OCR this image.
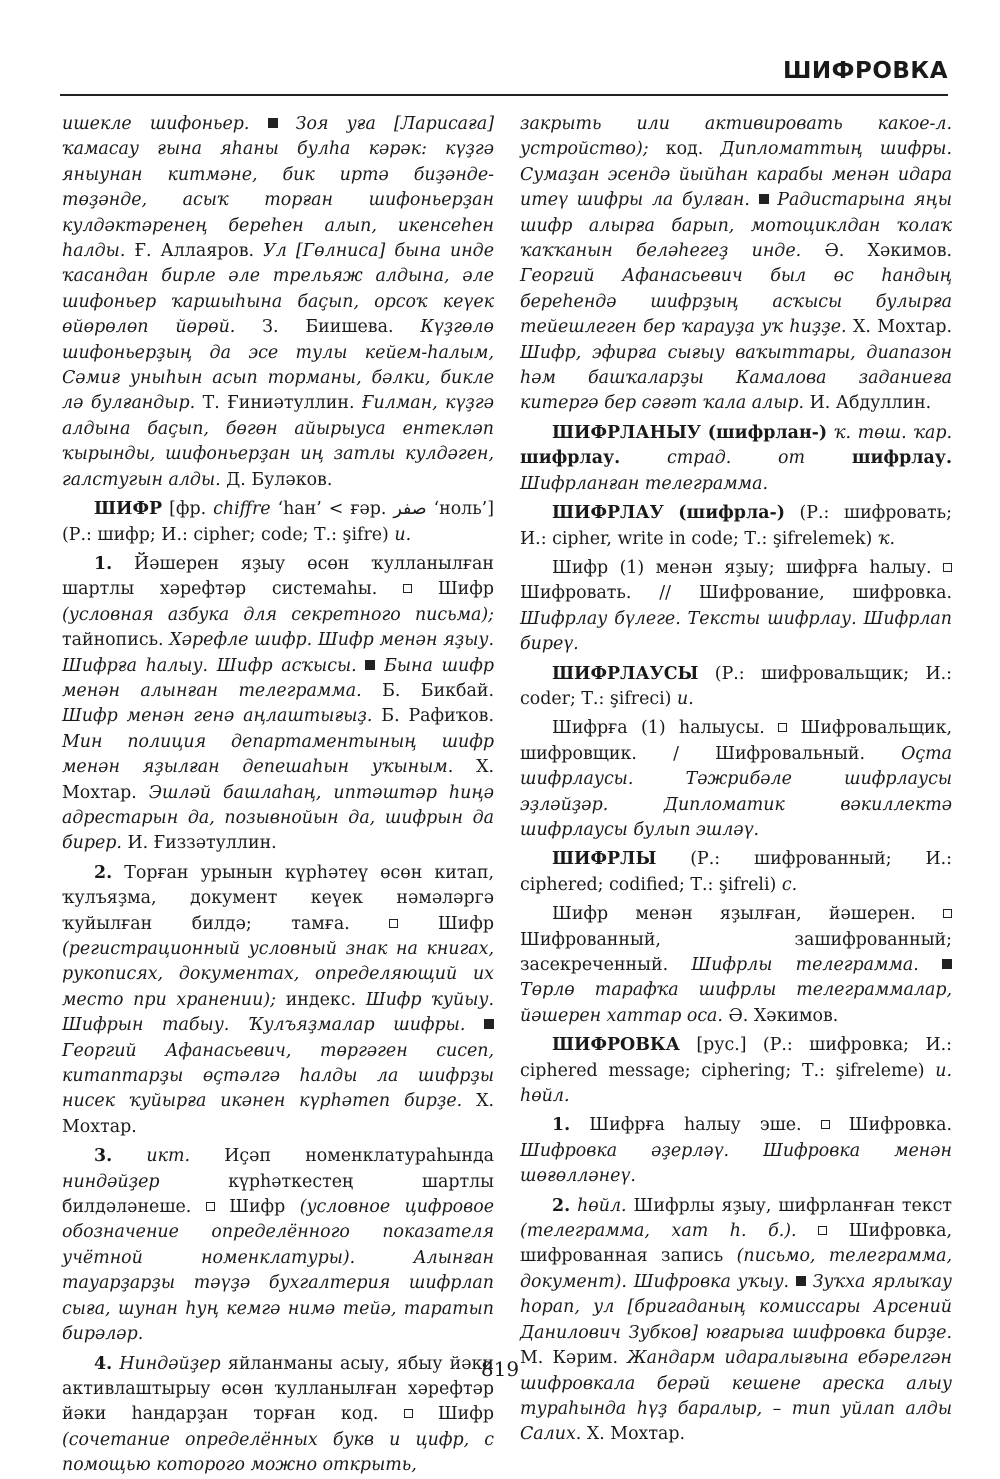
ШИФРОВКА

ишекле шифоньер.	Зоя уға [Ларисаға] ҡамасау ғына яһаны булһа кәрәк: күҙгә яныунан китмәне, бик иртә биҙәнде-төҙәнде, асыҡ торған шифоньерҙан кулдәктәренең береһен алып, икенсеһен һалды. Ғ. Аллаяров. Ул [Гөлниса] бына инде ҡасандан бирле әле трельяж алдына, әле шифоньер ҡаршыһына баҫып, орсоҡ кеүек өйөрөлөп йөрөй. З. Биишева. Күҙгөлө шифоньерҙың да эсе тулы кейем-һалым, Сәмиғ уныһын асып торманы, бәлки, бикле лә булғандыр. Т. Ғиниәтуллин. Ғилман, күҙгә алдына баҫып, бөгөн айырыуса ентекләп ҡырынды, шифоньерҙан иң затлы кулдәген, галстугын алды. Д. Буләков.

ШИФР [фр. chiffre ‘һан’ < ғәр. صفر ‘ноль’] (Р.: шифр; И.: cipher; code; Т.: şifre) и.

1. Йәшерен яҙыу өсөн ҡулланылған шартлы хәрефтәр системаһы.	Шифр (условная азбука для секретного письма); тайнопись. Хәрефле шифр. Шифр менән яҙыу. Шифрға һалыу. Шифр асҡысы. Бына шифр менән алынған телеграмма. Б. Бикбай. Шифр менән генә аңлаштығыҙ. Б. Рафиҡов. Мин полиция департаментының шифр менән яҙылған депешаһын уҡыным. Х. Мохтар. Эшләй башлаһаң, иптәштәр һиңә адрестарын да, позывнойын да, шифрын да бирер. И. Ғиззәтуллин.

2. Торған урынын күрһәтеү өсөн китап, ҡулъяҙма, документ кеүек нәмәләргә ҡуйылған билдә; тамға.	Шифр (регистрационный условный знак на книгах, рукописях, документах, определяющий их место при хранении); индекс. Шифр ҡуйыу. Шифрын табыу. Ҡулъяҙмалар шифры.  Георгий Афанасьевич, төргәген сисеп, китаптарҙы өҫтәлгә һалды ла шифрҙы нисек ҡуйырға икәнен күрһәтеп бирҙе. Х. Мохтар.

3. икт. Иҫәп номенклатураһында ниндәйҙер	күрһәткестең шартлы билдәләнеше. Шифр (условное цифровое обозначение определённого показателя учётной номенклатуры).	Алынған тауарҙарҙы тәүҙә бухгалтерия шифрлап сыға, шунан һуң кемгә нимә тейә, таратып бирәләр.

4. Ниндәйҙер яйланманы асыу, ябыу йәки активлаштырыу өсөн ҡулланылған хәрефтәр йәки һандарҙан торған код.	Шифр (сочетание определённых букв и цифр, с помощью которого можно открыть,

закрыть или активировать какое-л. устройство); код. Дипломаттың шифры. Сумаҙан эсендә йыйһан карабы менән идара итеү шифры ла булған. Радистарына яңы шифр алырға барып, мотоциклдан ҡолаҡ ҡаҡҡанын беләһегеҙ инде. Ә. Хәкимов. Георгий Афанасьевич был өс һандың береһендә шифрҙың асҡысы булырға тейешлеген бер ҡарауҙа уҡ һиҙҙе. Х. Мохтар. Шифр, эфирға сығыу ваҡыттары, диапазон һәм башҡаларҙы Камалова заданиеға китергә бер сәғәт ҡала алыр. И. Абдуллин.

ШИФРЛАНЫУ (шифрлан-) ҡ. төш. ҡар. шифрлау.	страд. от	шифрлау. Шифрланған телеграмма.

ШИФРЛАУ (шифрла-) (Р.: шифровать; И.: cipher, write in code; Т.: şifrelemek) ҡ.

Шифр (1) менән яҙыу; шифрға һалыу.  Шифровать. // Шифрование, шифровка. Шифрлау бүлеге. Тексты шифрлау. Шифрлап биреү.

ШИФРЛАУСЫ (Р.: шифровальщик; И.: coder; Т.: şifreci) и.

Шифрға (1) һалыусы. Шифровальщик, шифровщик. / Шифровальный. Оҫта шифрлаусы. Тәжрибәле шифрлаусы эҙләйҙәр. Дипломатик вәкиллектә шифрлаусы булып эшләү.

ШИФРЛЫ (Р.: шифрованный; И.: ciphered; codified; Т.: şifreli) с.

Шифр менән яҙылған, йәшерен.  Шифрованный, зашифрованный; засекреченный. Шифрлы телеграмма.  Төрлө тарафҡа шифрлы телеграммалар, йәшерен хаттар оса. Ә. Хәкимов.

ШИФРОВКА [рус.] (Р.: шифровка; И.: ciphered message; ciphering; Т.: şifreleme) и. һөйл.

1. Шифрға һалыу эше.	Шифровка. Шифровка әҙерләү. Шифровка менән шөғөлләнеү.

2. һөйл. Шифрлы яҙыу, шифрланған текст (телеграмма, хат һ. б.).	Шифровка, шифрованная запись (письмо, телеграмма, документ). Шифровка уҡыу. Зуҡха ярлыҡау һорап, ул [бригаданың комиссары Арсений Данилович Зубков] юғарыға шифровка бирҙе. М. Кәрим. Жандарм идаралығына ебәрелгән шифровкала берәй кешене ареска алыу тураһында һүҙ баралыр, – тип уйлап алды Салих. Х. Мохтар.

819
